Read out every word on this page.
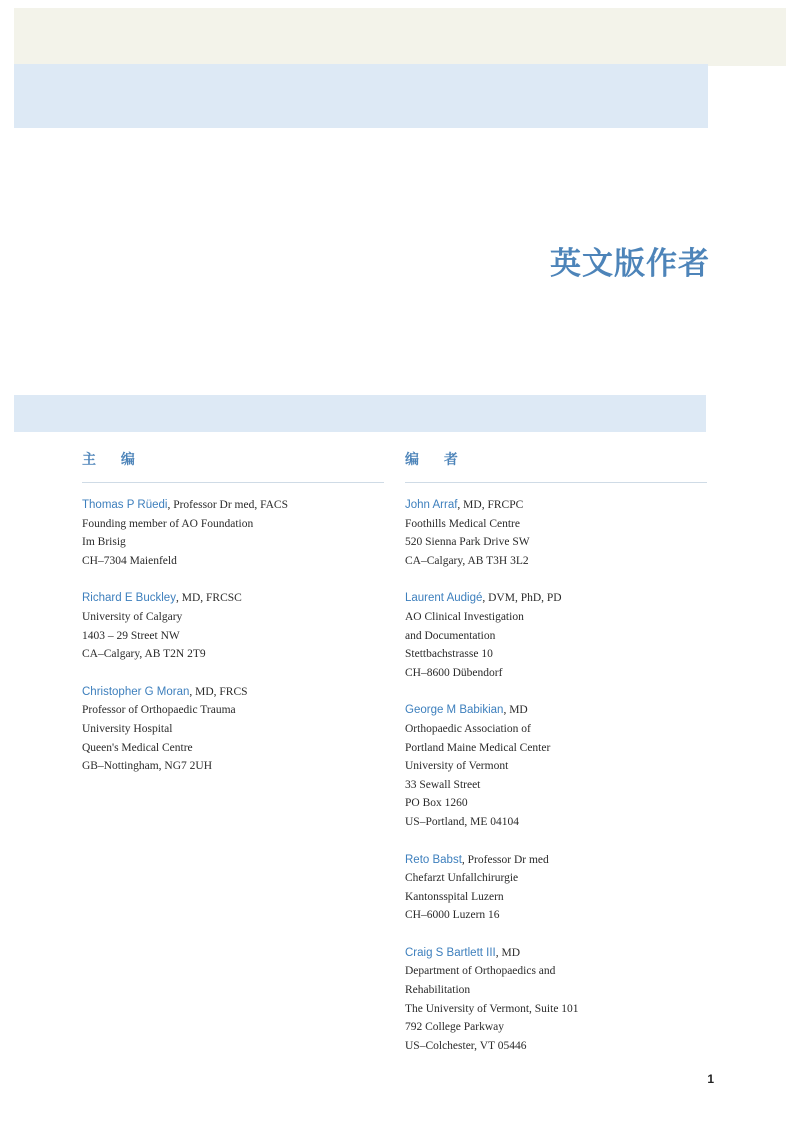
英文版作者
主 编
Thomas P Rüedi, Professor Dr med, FACS
Founding member of AO Foundation
Im Brisig
CH–7304 Maienfeld
Richard E Buckley, MD, FRCSC
University of Calgary
1403 – 29 Street NW
CA–Calgary, AB T2N 2T9
Christopher G Moran, MD, FRCS
Professor of Orthopaedic Trauma
University Hospital
Queen's Medical Centre
GB–Nottingham, NG7 2UH
编 者
John Arraf, MD, FRCPC
Foothills Medical Centre
520 Sienna Park Drive SW
CA–Calgary, AB T3H 3L2
Laurent Audigé, DVM, PhD, PD
AO Clinical Investigation
and Documentation
Stettbachstrasse 10
CH–8600 Dübendorf
George M Babikian, MD
Orthopaedic Association of
Portland Maine Medical Center
University of Vermont
33 Sewall Street
PO Box 1260
US–Portland, ME 04104
Reto Babst, Professor Dr med
Chefarzt Unfallchirurgie
Kantonsspital Luzern
CH–6000 Luzern 16
Craig S Bartlett III, MD
Department of Orthopaedics and
Rehabilitation
The University of Vermont, Suite 101
792 College Parkway
US–Colchester, VT 05446
1
